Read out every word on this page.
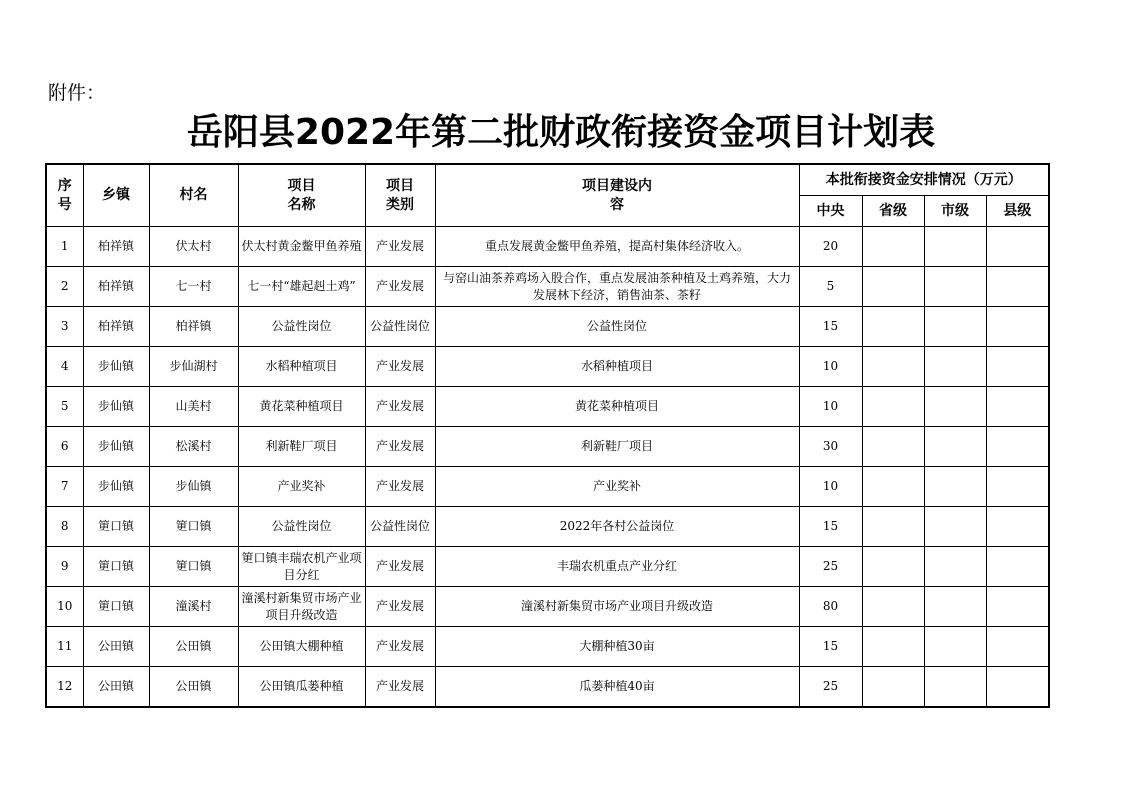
附件：
岳阳县2022年第二批财政衔接资金项目计划表
序号	乡镇	村名	项目名称	项目类别	项目建设内容	本批衔接资金安排情况（万元）			
						中央	省级	市级	县级
1	柏祥镇	伏太村	伏太村黄金鳖甲鱼养殖	产业发展	重点发展黄金鳖甲鱼养殖，提高村集体经济收入。	20			
2	柏祥镇	七一村	七一村“雄起赳土鸡”	产业发展	与窑山油茶养鸡场入股合作，重点发展油茶种植及土鸡养殖，大力发展林下经济，销售油茶、茶籽	5			
3	柏祥镇	柏祥镇	公益性岗位	公益性岗位	公益性岗位	15			
4	步仙镇	步仙湖村	水稻种植项目	产业发展	水稻种植项目	10			
5	步仙镇	山美村	黄花菜种植项目	产业发展	黄花菜种植项目	10			
6	步仙镇	松溪村	利新鞋厂项目	产业发展	利新鞋厂项目	30			
7	步仙镇	步仙镇	产业奖补	产业发展	产业奖补	10			
8	筻口镇	筻口镇	公益性岗位	公益性岗位	2022年各村公益岗位	15			
9	筻口镇	筻口镇	筻口镇丰瑞农机产业项目分红	产业发展	丰瑞农机重点产业分红	25			
10	筻口镇	潼溪村	潼溪村新集贸市场产业项目升级改造	产业发展	潼溪村新集贸市场产业项目升级改造	80			
11	公田镇	公田镇	公田镇大棚种植	产业发展	大棚种植30亩	15			
12	公田镇	公田镇	公田镇瓜蒌种植	产业发展	瓜蒌种植40亩	25			
